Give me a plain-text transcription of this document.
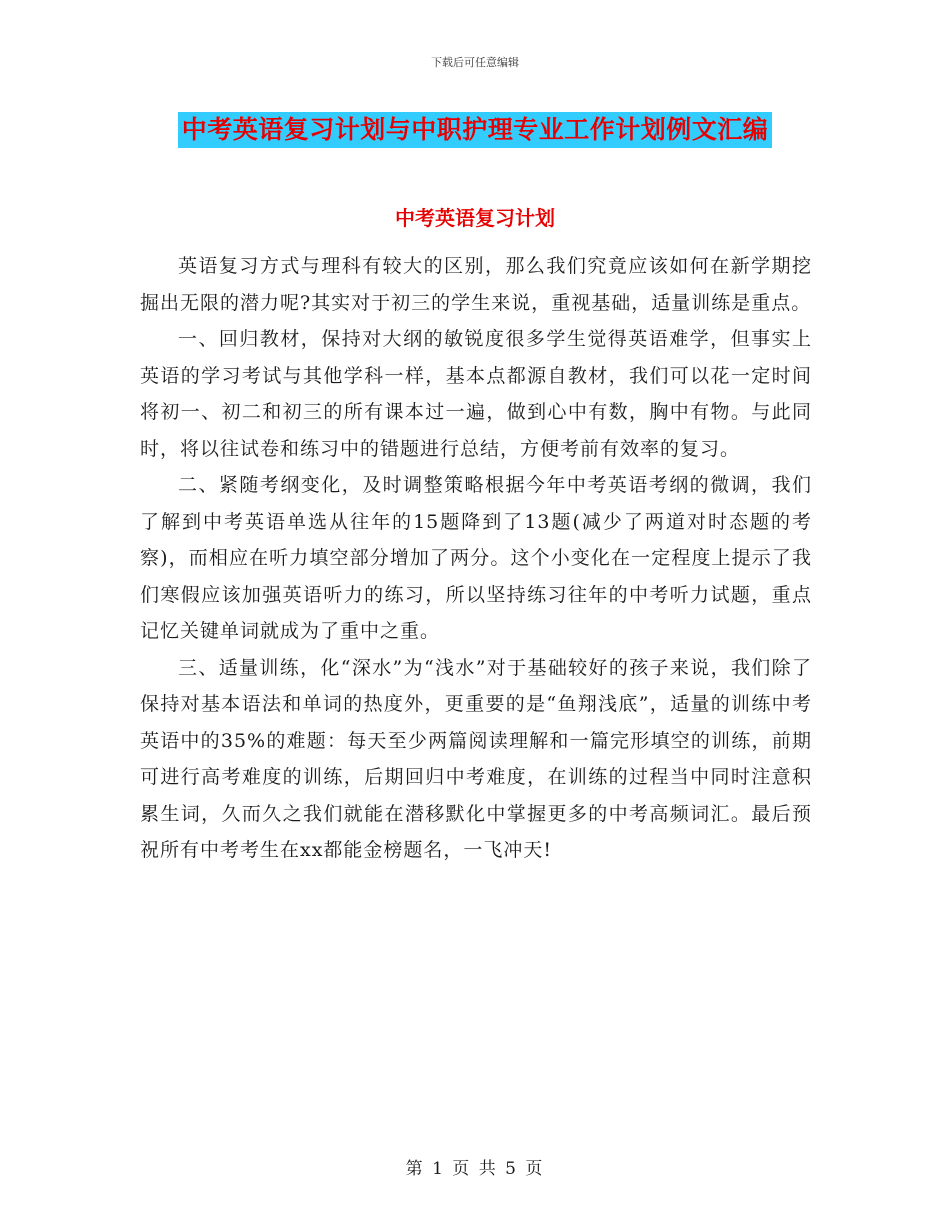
下载后可任意编辑
中考英语复习计划与中职护理专业工作计划例文汇编
中考英语复习计划

英语复习方式与理科有较大的区别，那么我们究竟应该如何在新学期挖掘出无限的潜力呢?其实对于初三的学生来说，重视基础，适量训练是重点。

一、回归教材，保持对大纲的敏锐度很多学生觉得英语难学，但事实上英语的学习考试与其他学科一样，基本点都源自教材，我们可以花一定时间将初一、初二和初三的所有课本过一遍，做到心中有数，胸中有物。与此同时，将以往试卷和练习中的错题进行总结，方便考前有效率的复习。

二、紧随考纲变化，及时调整策略根据今年中考英语考纲的微调，我们了解到中考英语单选从往年的15题降到了13题(减少了两道对时态题的考察)，而相应在听力填空部分增加了两分。这个小变化在一定程度上提示了我们寒假应该加强英语听力的练习，所以坚持练习往年的中考听力试题，重点记忆关键单词就成为了重中之重。

三、适量训练，化“深水”为“浅水”对于基础较好的孩子来说，我们除了保持对基本语法和单词的热度外，更重要的是“鱼翔浅底”，适量的训练中考英语中的35%的难题：每天至少两篇阅读理解和一篇完形填空的训练，前期可进行高考难度的训练，后期回归中考难度，在训练的过程当中同时注意积累生词，久而久之我们就能在潜移默化中掌握更多的中考高频词汇。最后预祝所有中考考生在xx都能金榜题名，一飞冲天!

第 1 页 共 5 页
